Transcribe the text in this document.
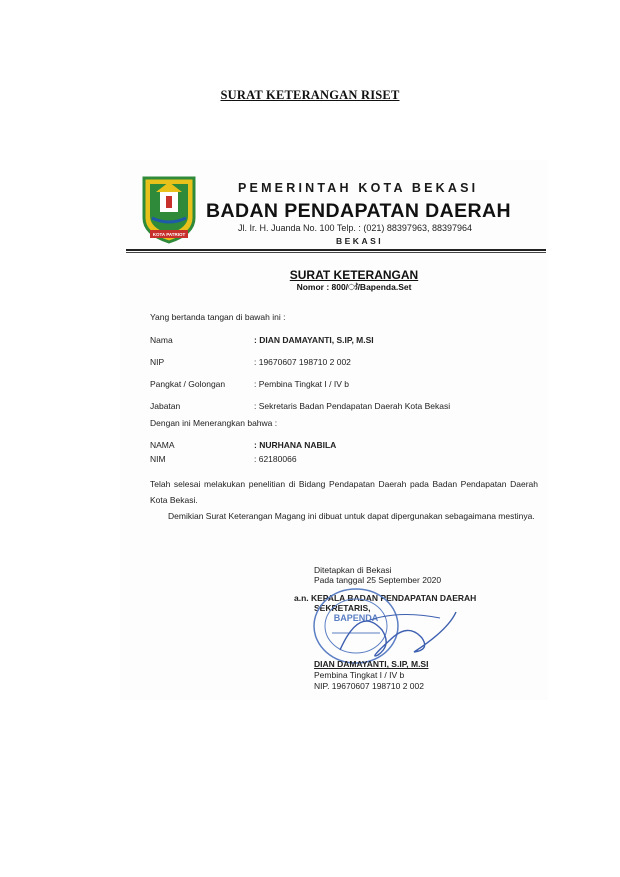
SURAT KETERANGAN RISET
KOTA PATRIOT
PEMERINTAH KOTA BEKASI
BADAN PENDAPATAN DAERAH
Jl. Ir. H. Juanda No. 100 Telp. : (021) 88397963, 88397964
BEKASI
SURAT KETERANGAN
Nomor : 800/ා්/Bapenda.Set
Yang bertanda tangan di bawah ini :
Nama	: DIAN DAMAYANTI, S.IP, M.SI
NIP	: 19670607 198710 2 002
Pangkat / Golongan	: Pembina Tingkat I / IV b
Jabatan	: Sekretaris Badan Pendapatan Daerah Kota Bekasi
Dengan ini Menerangkan bahwa :
NAMA	: NURHANA NABILA
NIM	: 62180066
Telah selesai melakukan penelitian di Bidang Pendapatan Daerah pada Badan Pendapatan Daerah Kota Bekasi.
Demikian Surat Keterangan Magang ini dibuat untuk dapat dipergunakan sebagaimana mestinya.
Ditetapkan di Bekasi
Pada tanggal 25 September 2020
a.n. KEPALA BADAN PENDAPATAN DAERAH
SEKRETARIS,
BAPENDA
DIAN DAMAYANTI, S.IP, M.SI
Pembina Tingkat I / IV b
NIP. 19670607 198710 2 002
